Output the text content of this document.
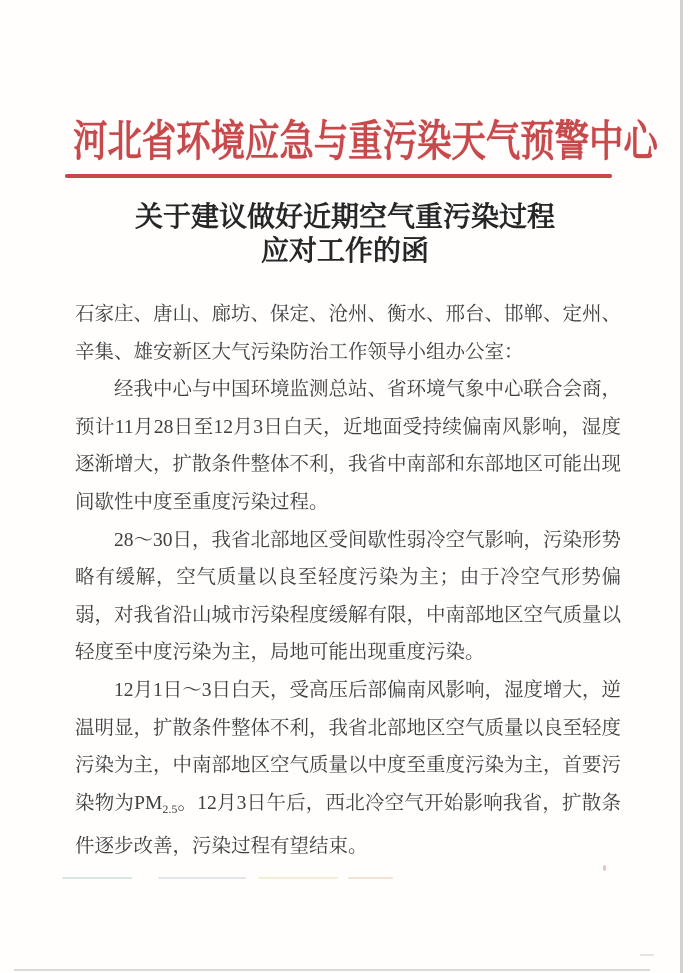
河北省环境应急与重污染天气预警中心
关于建议做好近期空气重污染过程
应对工作的函

石家庄、唐山、廊坊、保定、沧州、衡水、邢台、邯郸、定州、辛集、雄安新区大气污染防治工作领导小组办公室：

经我中心与中国环境监测总站、省环境气象中心联合会商，预计11月28日至12月3日白天，近地面受持续偏南风影响，湿度逐渐增大，扩散条件整体不利，我省中南部和东部地区可能出现间歇性中度至重度污染过程。

28～30日，我省北部地区受间歇性弱冷空气影响，污染形势略有缓解，空气质量以良至轻度污染为主；由于冷空气形势偏弱，对我省沿山城市污染程度缓解有限，中南部地区空气质量以轻度至中度污染为主，局地可能出现重度污染。

12月1日～3日白天，受高压后部偏南风影响，湿度增大，逆温明显，扩散条件整体不利，我省北部地区空气质量以良至轻度污染为主，中南部地区空气质量以中度至重度污染为主，首要污染物为$PM_{2.5}$。12月3日午后，西北冷空气开始影响我省，扩散条件逐步改善，污染过程有望结束。
